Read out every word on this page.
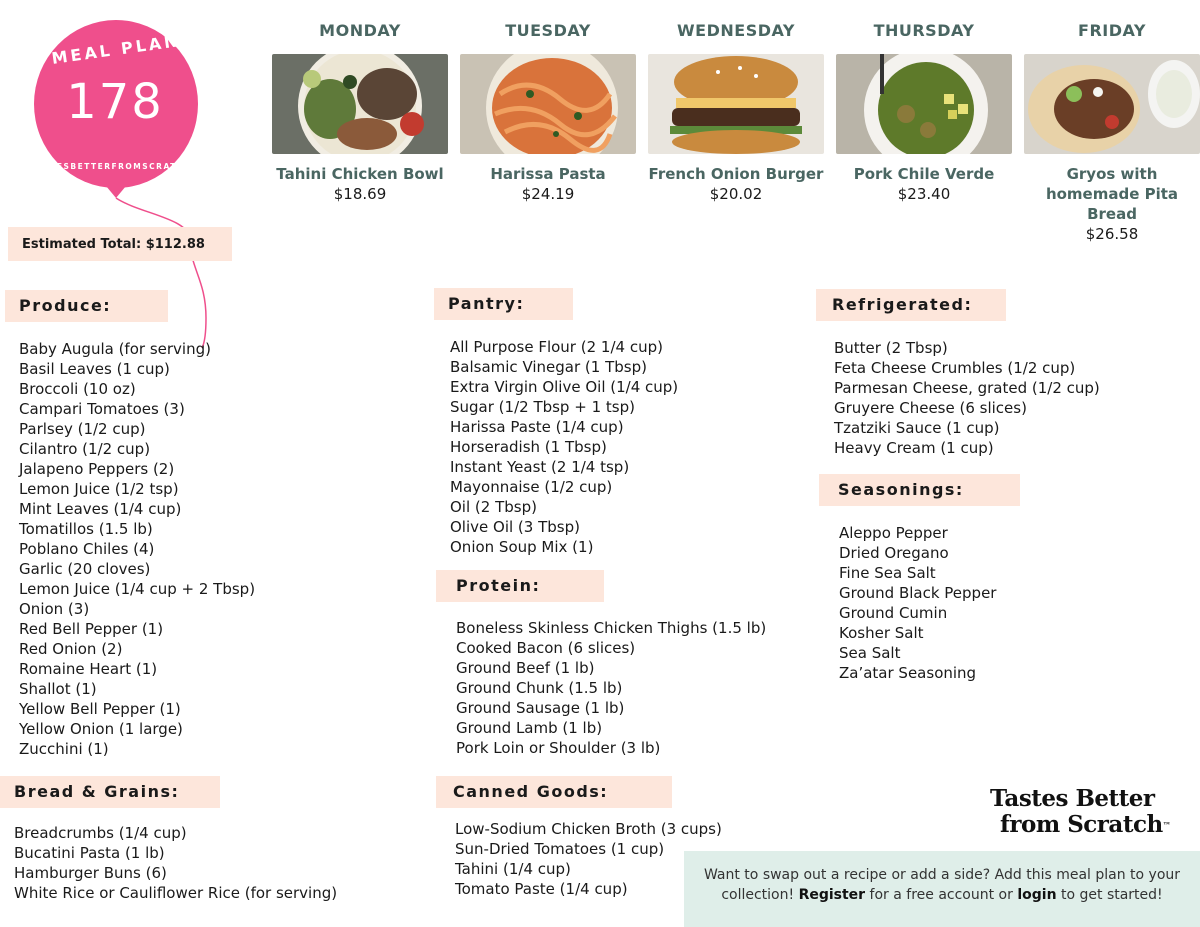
MEAL PLAN
178
TASTESBETTERFROMSCRATCH.COM
Estimated Total: $112.88
MONDAY
Tahini Chicken Bowl
$18.69
TUESDAY
Harissa Pasta
$24.19
WEDNESDAY
French Onion Burger
$20.02
THURSDAY
Pork Chile Verde
$23.40
FRIDAY
Gryos with homemade Pita Bread
$26.58
Produce:
Baby Augula (for serving)
Basil Leaves (1 cup)
Broccoli (10 oz)
Campari Tomatoes (3)
Parlsey (1/2 cup)
Cilantro (1/2 cup)
Jalapeno Peppers (2)
Lemon Juice (1/2 tsp)
Mint Leaves (1/4 cup)
Tomatillos (1.5 lb)
Poblano Chiles (4)
Garlic (20 cloves)
Lemon Juice (1/4 cup + 2 Tbsp)
Onion (3)
Red Bell Pepper (1)
Red Onion (2)
Romaine Heart (1)
Shallot (1)
Yellow Bell Pepper (1)
Yellow Onion (1 large)
Zucchini (1)
Bread & Grains:
Breadcrumbs (1/4 cup)
Bucatini Pasta (1 lb)
Hamburger Buns (6)
White Rice or Cauliflower Rice (for serving)
Pantry:
All Purpose Flour (2 1/4 cup)
Balsamic Vinegar (1 Tbsp)
Extra Virgin Olive Oil (1/4 cup)
Sugar (1/2 Tbsp + 1 tsp)
Harissa Paste (1/4 cup)
Horseradish (1 Tbsp)
Instant Yeast (2 1/4 tsp)
Mayonnaise (1/2 cup)
Oil (2 Tbsp)
Olive Oil (3 Tbsp)
Onion Soup Mix (1)
Protein:
Boneless Skinless Chicken Thighs (1.5 lb)
Cooked Bacon (6 slices)
Ground Beef (1 lb)
Ground Chunk (1.5 lb)
Ground Sausage (1 lb)
Ground Lamb (1 lb)
Pork Loin or Shoulder (3 lb)
Canned Goods:
Low-Sodium Chicken Broth (3 cups)
Sun-Dried Tomatoes (1 cup)
Tahini (1/4 cup)
Tomato Paste (1/4 cup)
Refrigerated:
Butter (2 Tbsp)
Feta Cheese Crumbles (1/2 cup)
Parmesan Cheese, grated (1/2 cup)
Gruyere Cheese (6 slices)
Tzatziki Sauce (1 cup)
Heavy Cream (1 cup)
Seasonings:
Aleppo Pepper
Dried Oregano
Fine Sea Salt
Ground Black Pepper
Ground Cumin
Kosher Salt
Sea Salt
Za’atar Seasoning
Tastes Better
from Scratch™
Want to swap out a recipe or add a side? Add this meal plan to your collection! Register for a free account or login to get started!
